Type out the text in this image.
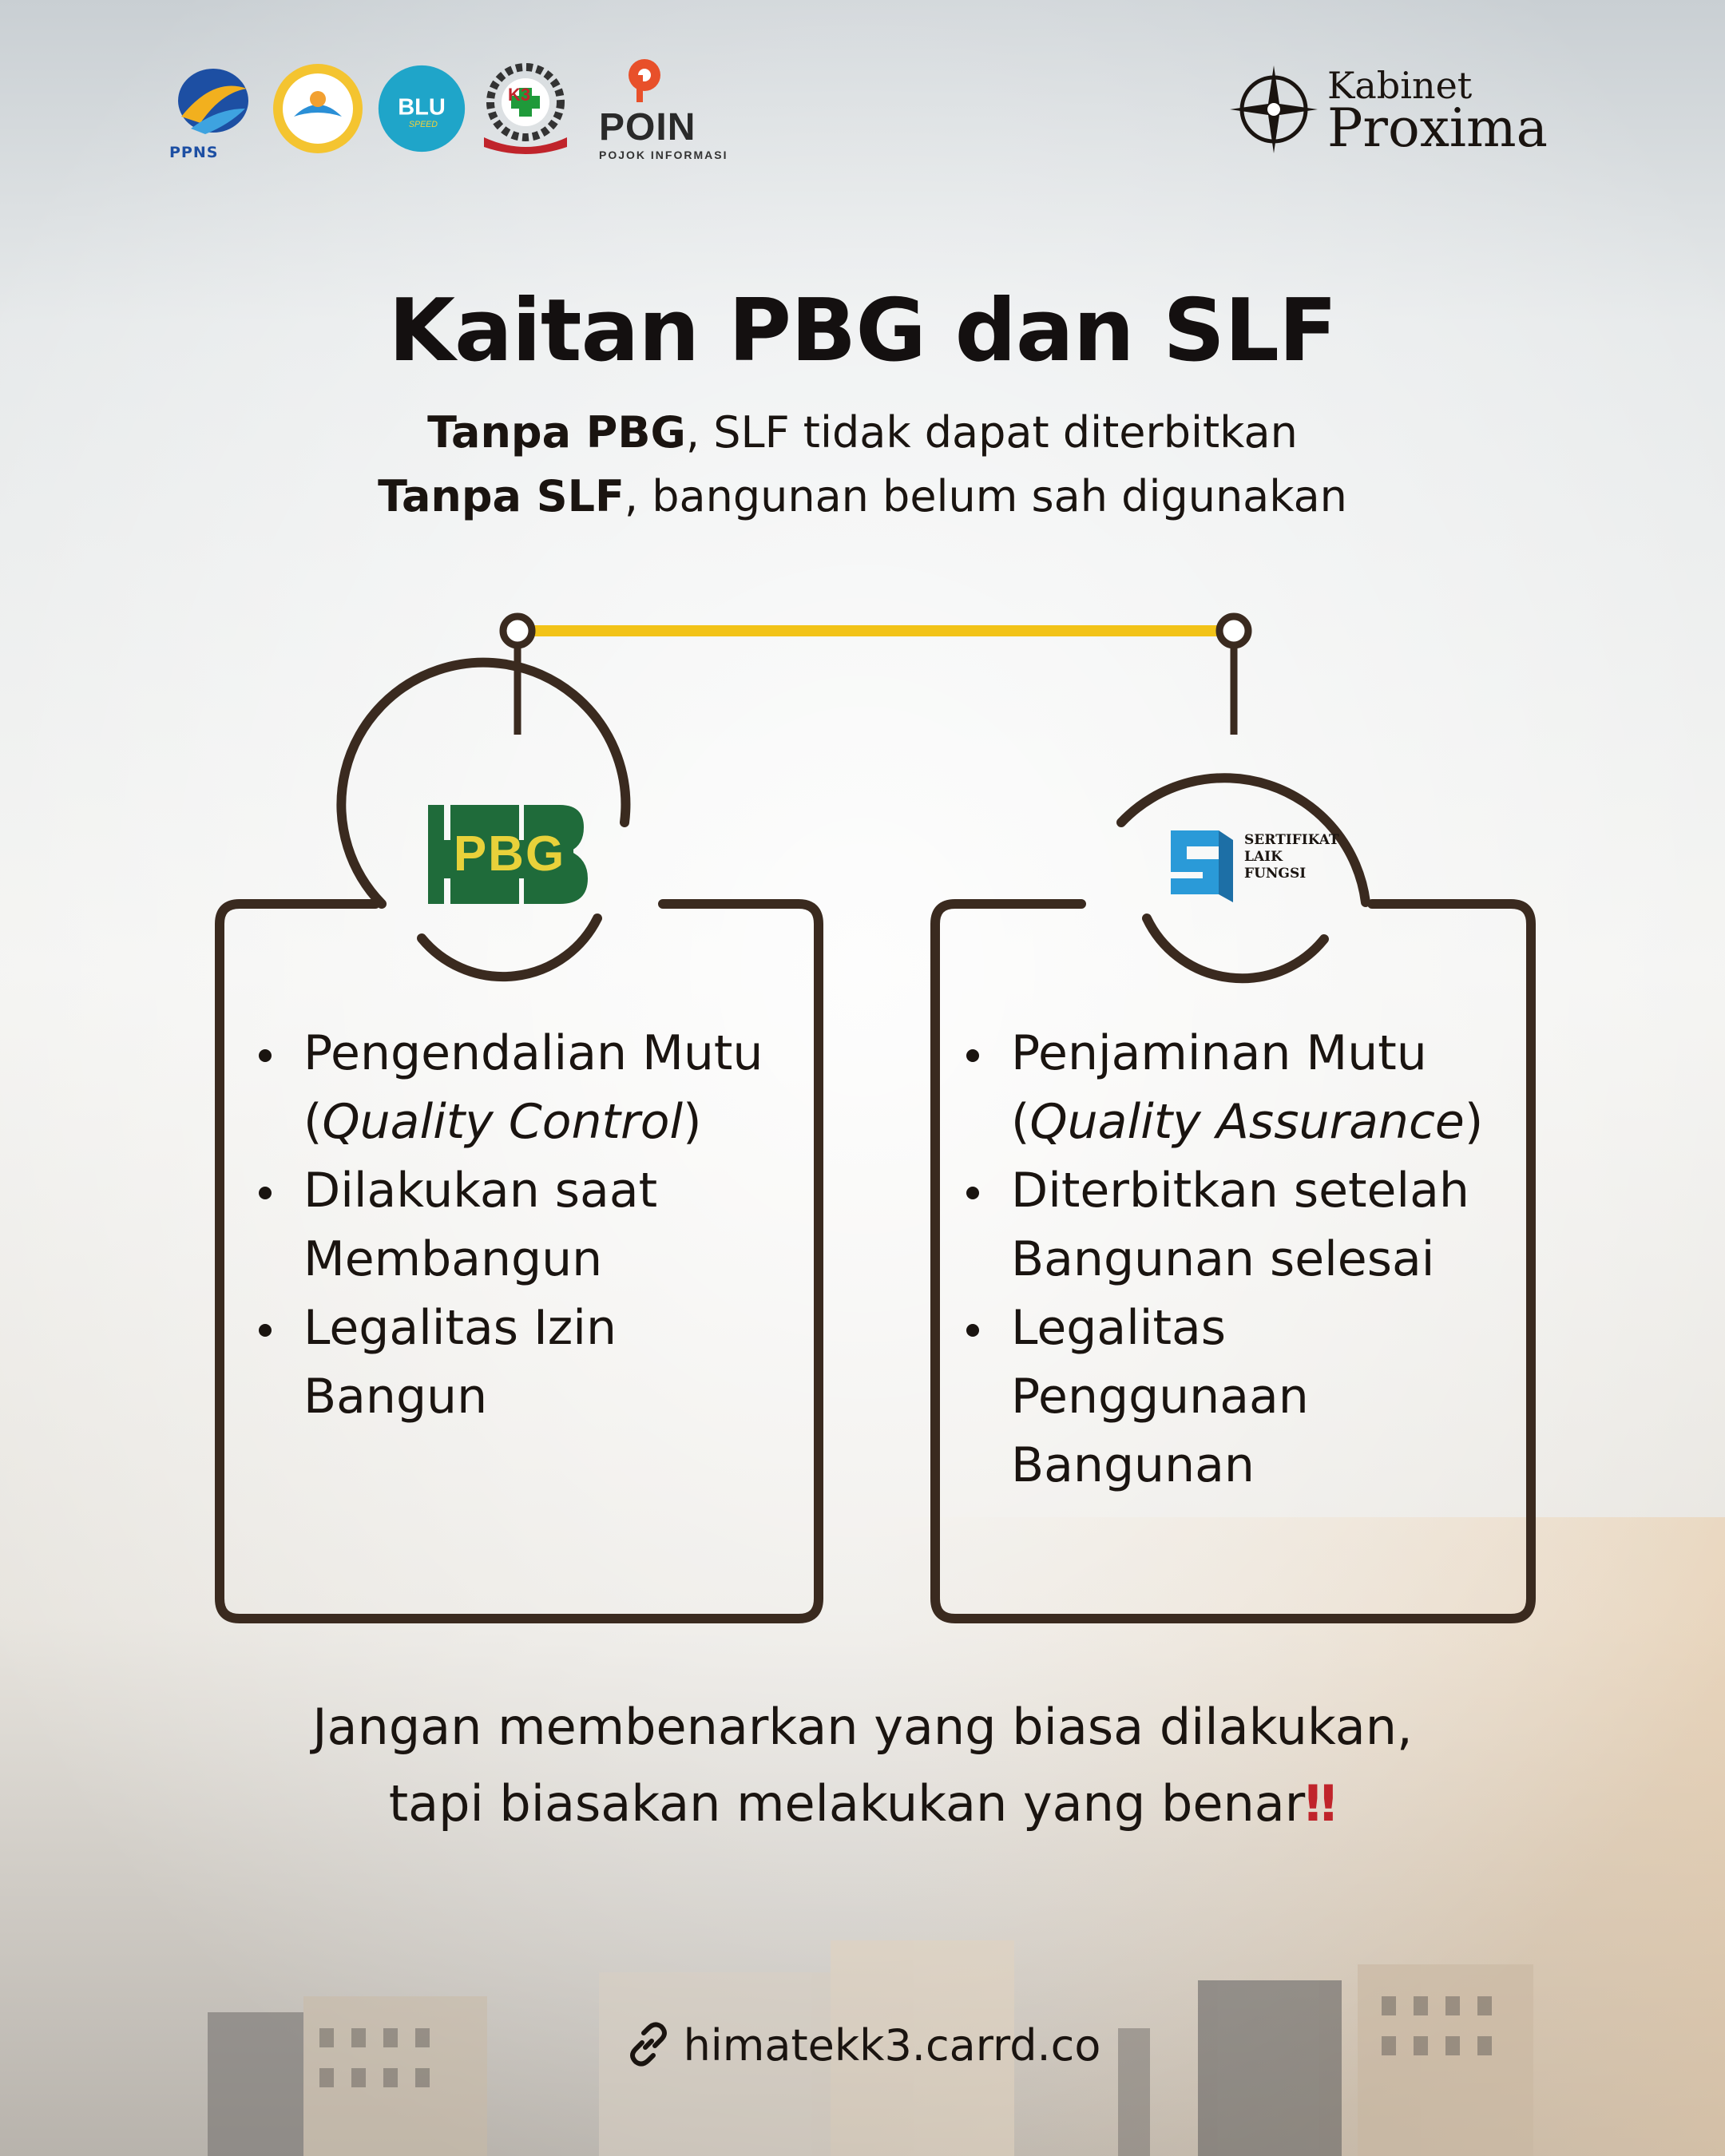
PPNS
BLU
SPEED
K3
POIN
POJOK INFORMASI
Kabinet
Proxima
Kaitan PBG dan SLF
Tanpa PBG, SLF tidak dapat diterbitkan
Tanpa SLF, bangunan belum sah digunakan
PBG	SERTIFIKAT
LAIK
FUNGSI
Pengendalian Mutu
(Quality Control)
Dilakukan saat
Membangun
Legalitas Izin
Bangun
Penjaminan Mutu
(Quality Assurance)
Diterbitkan setelah
Bangunan selesai
Legalitas
Penggunaan
Bangunan
Jangan membenarkan yang biasa dilakukan,
tapi biasakan melakukan yang benar‼
himatekk3.carrd.co
